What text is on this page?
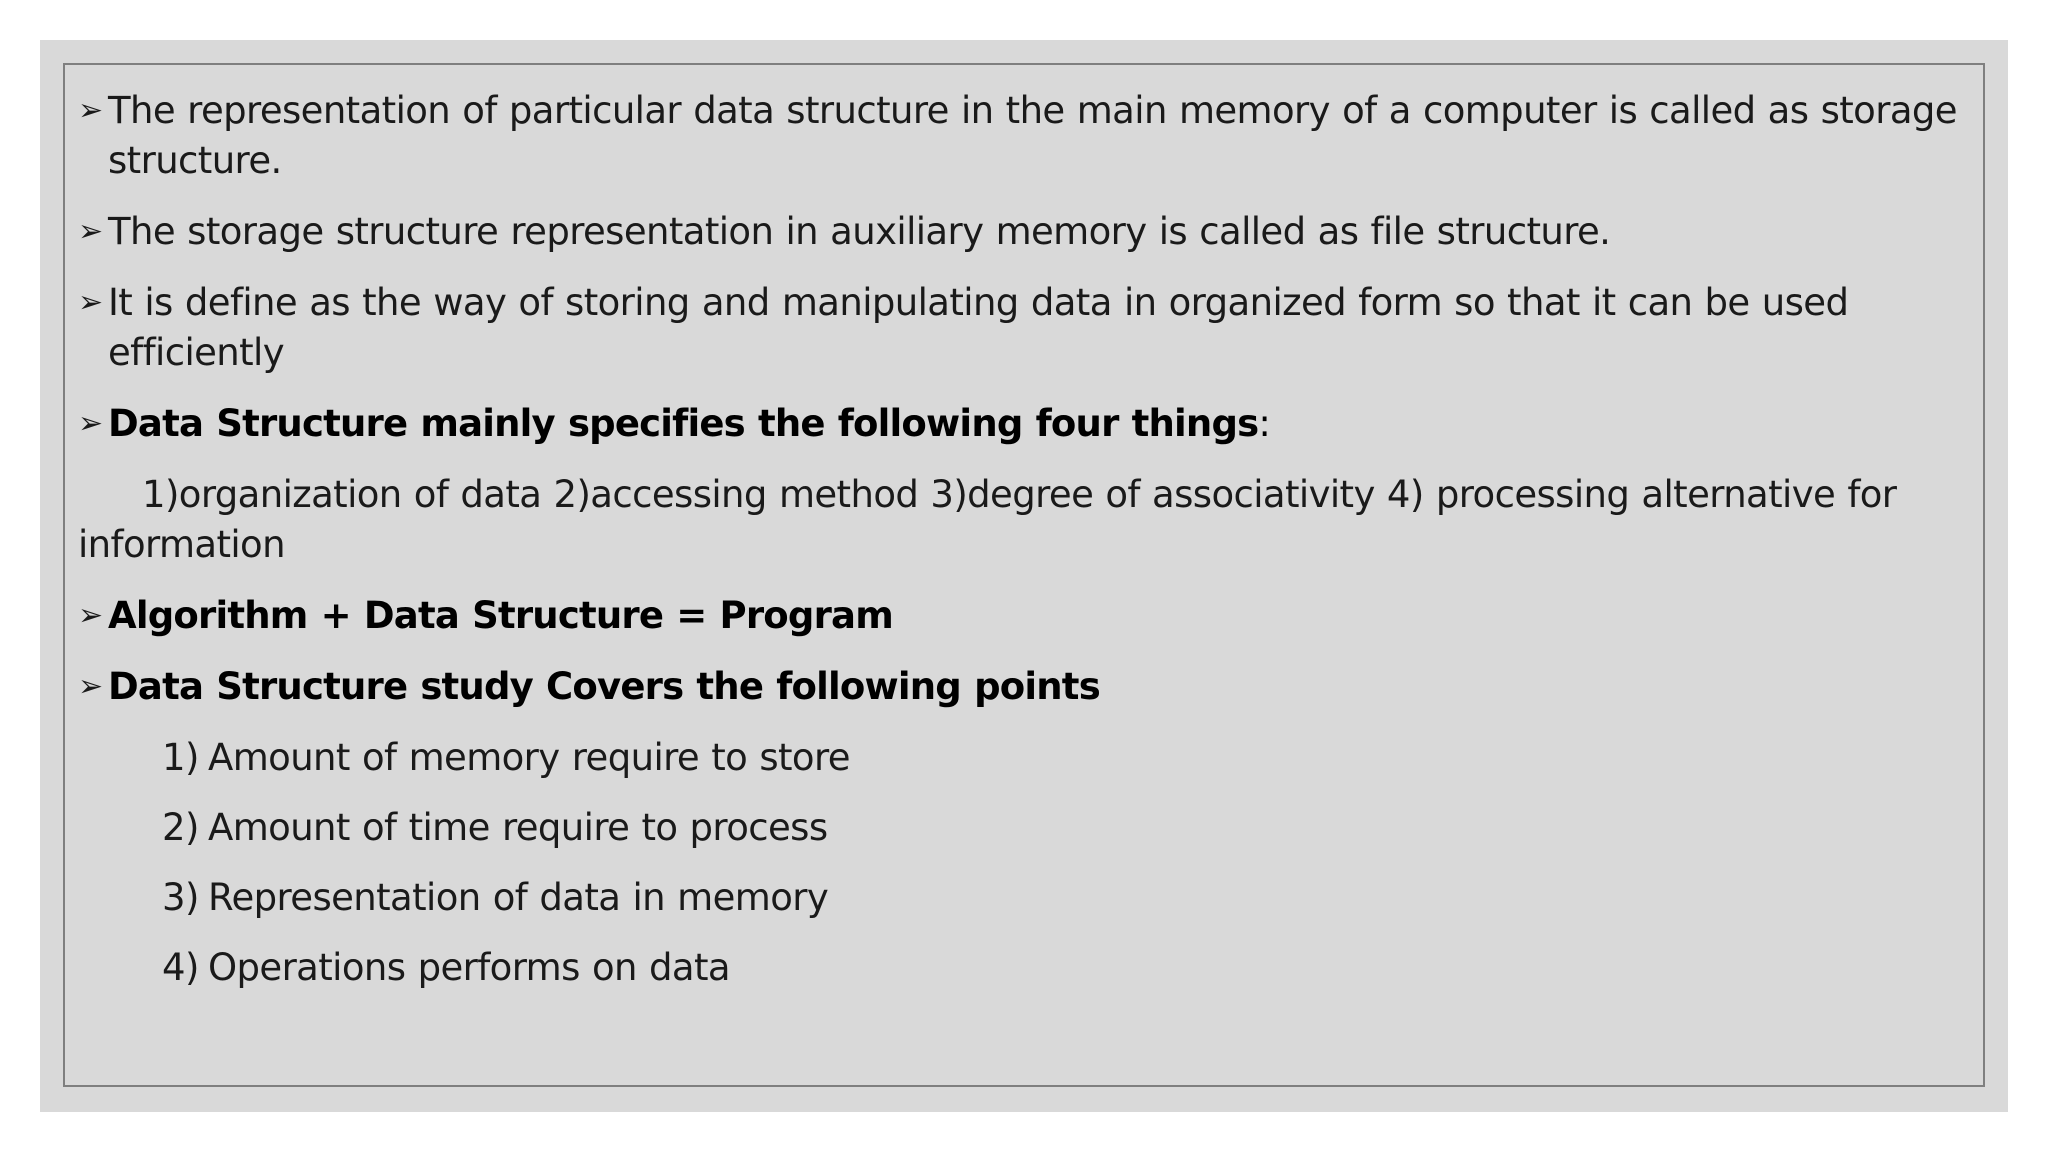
➢ The representation of particular data structure in the main memory of a computer is called as storage structure.
➢ The storage structure representation in auxiliary memory is called as file structure.
➢ It is define as the way of storing and manipulating data in organized form so that it can be used efficiently
➢ Data Structure mainly specifies the following four things:
1)organization of data 2)accessing method 3)degree of associativity 4) processing alternative for information
➢ Algorithm + Data Structure = Program
➢ Data Structure study Covers the following points
1) Amount of memory require to store
2) Amount of time require to process
3) Representation of data in memory
4) Operations performs on data
